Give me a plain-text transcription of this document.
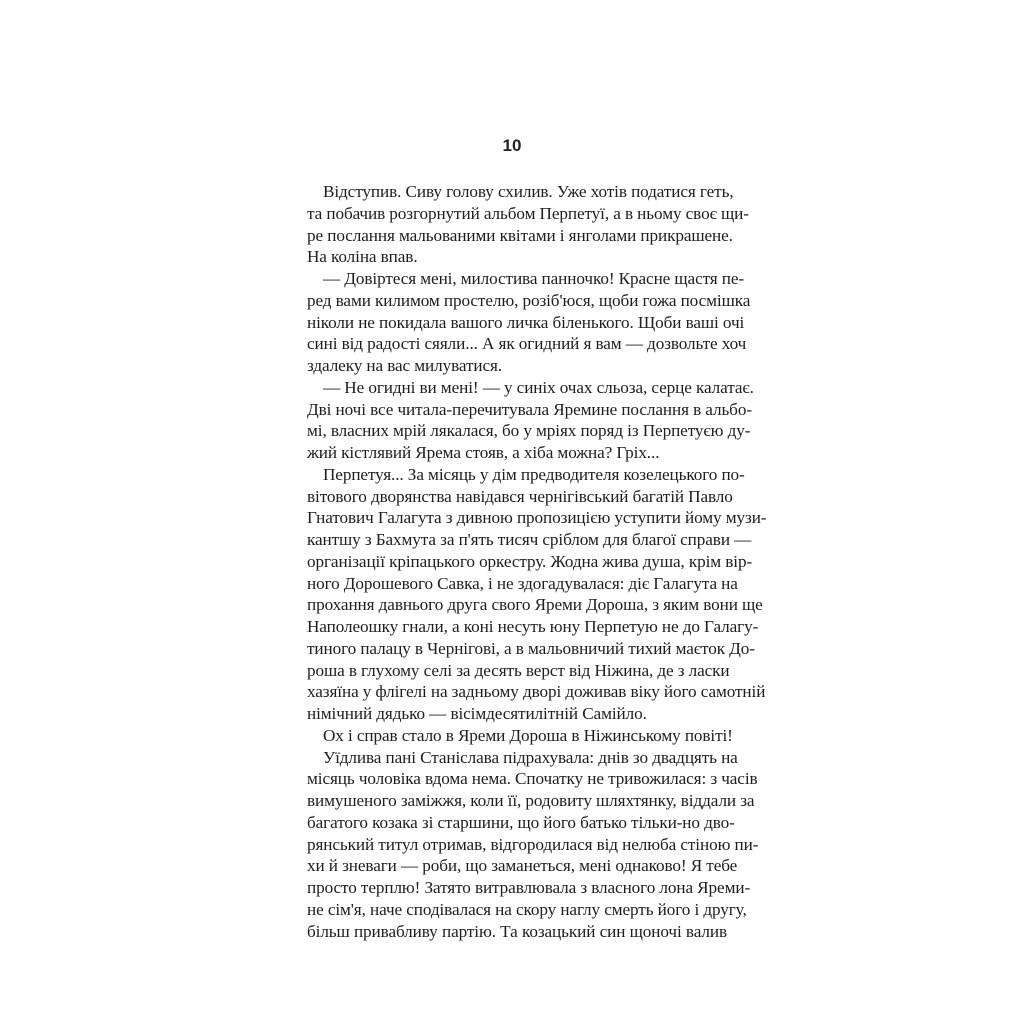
10
Відступив. Сиву голову схилив. Уже хотів податися геть,
та побачив розгорнутий альбом Перпетуї, а в ньому своє щи-
ре послання мальованими квітами і янголами прикрашене.
На коліна впав.
— Довіртеся мені, милостива панночко! Красне щастя пе-
ред вами килимом простелю, розіб'юся, щоби гожа посмішка
ніколи не покидала вашого личка біленького. Щоби ваші очі
сині від радості сяяли... А як огидний я вам — дозвольте хоч
здалеку на вас милуватися.
— Не огидні ви мені! — у синіх очах сльоза, серце калатає.
Дві ночі все читала-перечитувала Яремине послання в альбо-
мі, власних мрій лякалася, бо у мріях поряд із Перпетуєю ду-
жий кістлявий Ярема стояв, а хіба можна? Гріх...
Перпетуя... За місяць у дім предводителя козелецького по-
вітового дворянства навідався чернігівський багатій Павло
Гнатович Галагута з дивною пропозицією уступити йому музи-
кантшу з Бахмута за п'ять тисяч сріблом для благої справи —
організації кріпацького оркестру. Жодна жива душа, крім вір-
ного Дорошевого Савка, і не здогадувалася: діє Галагута на
прохання давнього друга свого Яреми Дороша, з яким вони ще
Наполеошку гнали, а коні несуть юну Перпетую не до Галагу-
тиного палацу в Чернігові, а в мальовничий тихий маєток До-
роша в глухому селі за десять верст від Ніжина, де з ласки
хазяїна у флігелі на задньому дворі доживав віку його самотній
німічний дядько — вісімдесятилітній Самійло.
Ох і справ стало в Яреми Дороша в Ніжинському повіті!
Уїдлива пані Станіслава підрахувала: днів зо двадцять на
місяць чоловіка вдома нема. Спочатку не тривожилася: з часів
вимушеного заміжжя, коли її, родовиту шляхтянку, віддали за
багатого козака зі старшини, що його батько тільки-но дво-
рянський титул отримав, відгородилася від нелюба стіною пи-
хи й зневаги — роби, що заманеться, мені однаково! Я тебе
просто терплю! Затято витравлювала з власного лона Яреми-
не сім'я, наче сподівалася на скору наглу смерть його і другу,
більш привабливу партію. Та козацький син щоночі валив
